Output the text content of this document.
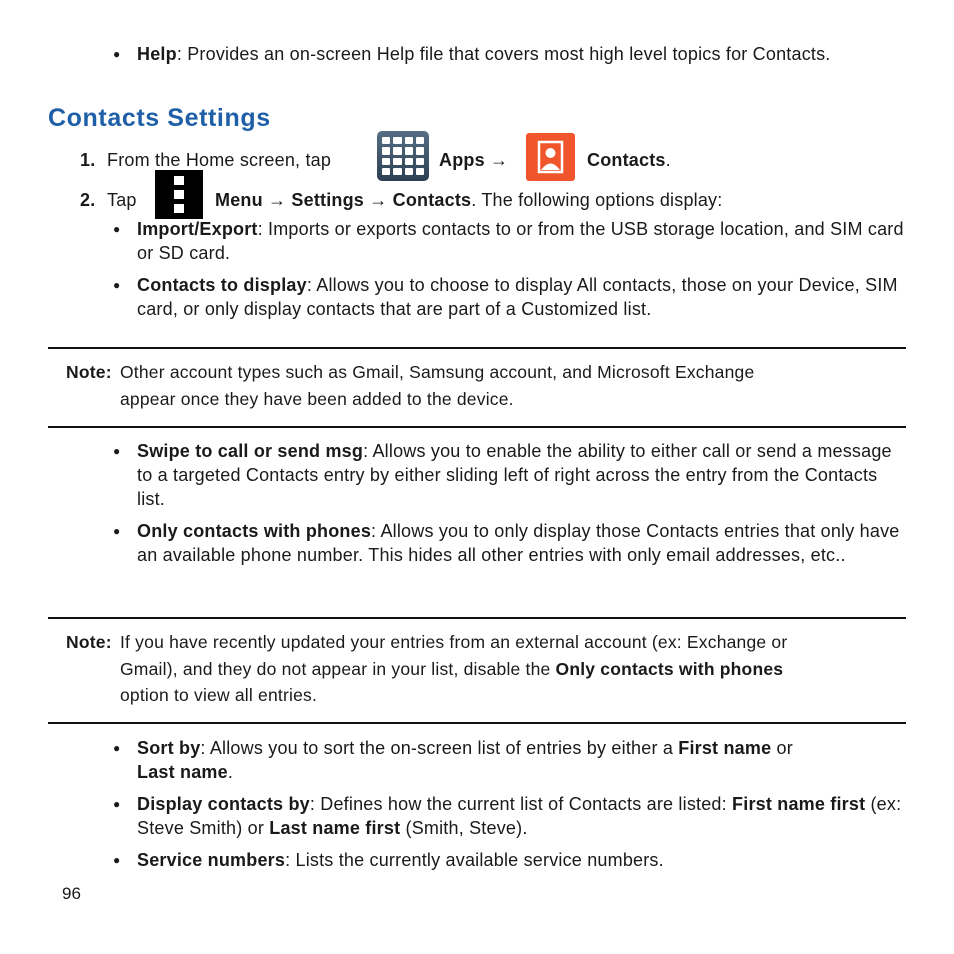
● Help: Provides an on-screen Help file that covers most high level topics for Contacts.
Contacts Settings
1. From the Home screen, tap	Apps →	Contacts.
2. Tap	Menu → Settings → Contacts. The following options display:
● Import/Export: Imports or exports contacts to or from the USB storage location, and SIM card or SD card.
● Contacts to display: Allows you to choose to display All contacts, those on your Device, SIM card, or only display contacts that are part of a Customized list.
Note: Other account types such as Gmail, Samsung account, and Microsoft Exchange
appear once they have been added to the device.
● Swipe to call or send msg: Allows you to enable the ability to either call or send a message to a targeted Contacts entry by either sliding left of right across the entry from the Contacts list.
● Only contacts with phones: Allows you to only display those Contacts entries that only have an available phone number. This hides all other entries with only email addresses, etc..
Note: If you have recently updated your entries from an external account (ex: Exchange or
Gmail), and they do not appear in your list, disable the Only contacts with phones
option to view all entries.
● Sort by: Allows you to sort the on-screen list of entries by either a First name or
Last name.
● Display contacts by: Defines how the current list of Contacts are listed: First name first (ex: Steve Smith) or Last name first (Smith, Steve).
● Service numbers: Lists the currently available service numbers.
96
